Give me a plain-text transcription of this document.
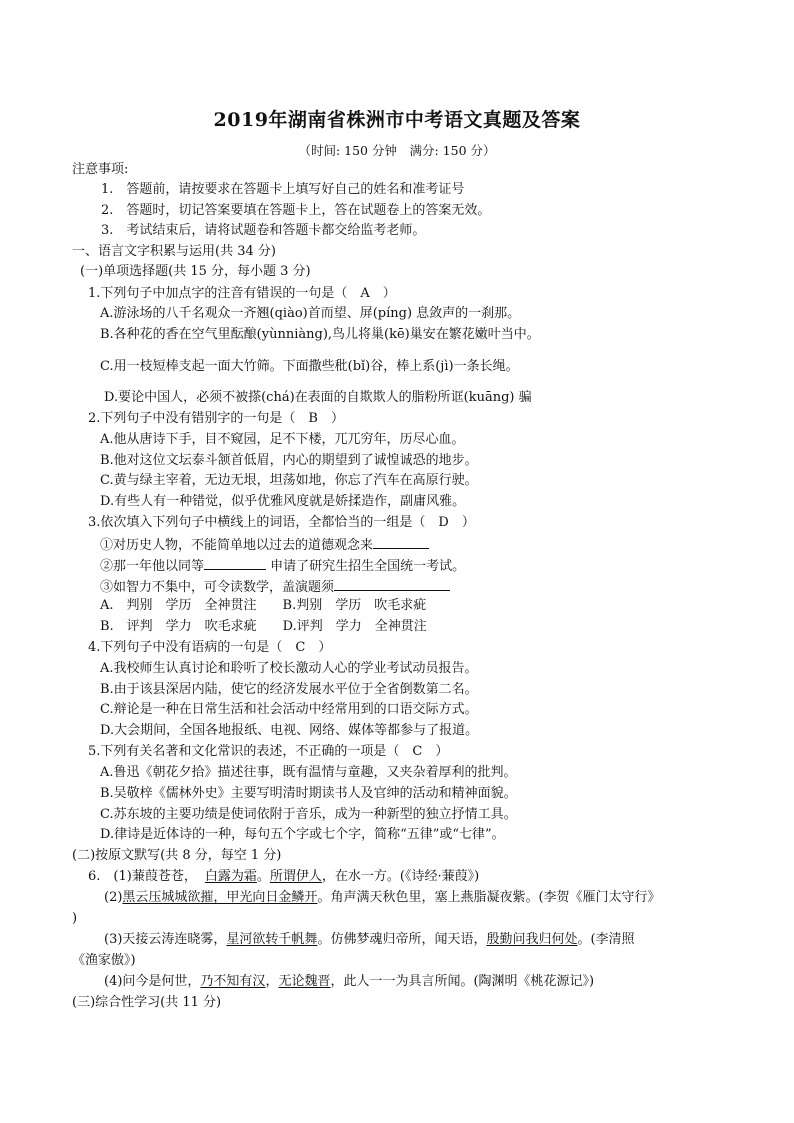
2019年湖南省株洲市中考语文真题及答案
（时间: 150 分钟　满分: 150 分）
注意事项:
1.　答题前，请按要求在答题卡上填写好自己的姓名和准考证号
2.　答题时，切记答案要填在答题卡上，答在试题卷上的答案无效。
3.　考试结束后，请将试题卷和答题卡都交给监考老师。
一、语言文字积累与运用(共 34 分)
(一)单项选择题(共 15 分，每小题 3 分)
1.下列句子中加点字的注音有错误的一句是（　A　）
A.游泳场的八千名观众一齐翘(qiào)首而望、屏(píng) 息敛声的一刹那。
B.各种花的香在空气里酝酿(yùnniàng),鸟儿将巢(kē)巢安在繁花嫩叶当中。
C.用一枝短棒支起一面大竹筛。下面撒些秕(bǐ)谷，棒上系(jì)一条长绳。
D.要论中国人，必须不被搽(chá)在表面的自欺欺人的脂粉所诓(kuāng) 骗
2.下列句子中没有错别字的一句是（　B　）
A.他从唐诗下手，目不窥园，足不下楼，兀兀穷年，历尽心血。
B.他对这位文坛泰斗颔首低眉，内心的期望到了诚惶诚恐的地步。
C.黄与绿主宰着，无边无垠，坦荡如地，你忘了汽车在高原行驶。
D.有些人有一种错觉，似乎优雅风度就是娇揉造作，副庸风雅。
3.依次填入下列句子中横线上的词语，全都恰当的一组是（　D　）
①对历史人物，不能简单地以过去的道德观念来
②那一年他以同等	申请了研究生招生全国统一考试。
③如智力不集中，可令读数学，盖演题须
A.　判别　学历　全神贯注　　B.判别　学历　吹毛求疵
B.　评判　学力　吹毛求疵　　D.评判　学力　全神贯注
4.下列句子中没有语病的一句是（　C　）
A.我校师生认真讨论和聆听了校长激动人心的学业考试动员报告。
B.由于该县深居内陆，使它的经济发展水平位于全省倒数第二名。
C.辩论是一种在日常生活和社会活动中经常用到的口语交际方式。
D.大会期间，全国各地报纸、电视、网络、媒体等都参与了报道。
5.下列有关名著和文化常识的表述，不正确的一项是（　C　）
A.鲁迅《朝花夕拾》描述往事，既有温情与童趣，又夹杂着厚利的批判。
B.吴敬梓《儒林外史》主要写明清时期读书人及官绅的活动和精神面貌。
C.苏东坡的主要功绩是使词依附于音乐，成为一种新型的独立抒情工具。
D.律诗是近体诗的一种，每句五个字或七个字，简称“五律”或“七律”。
(二)按原文默写(共 8 分，每空 1 分)
6.　(1)蒹葭苍苍， 白露为霜。所谓伊人，在水一方。(《诗经·蒹葭》)
(2)黑云压城城欲摧，甲光向日金鳞开。角声满天秋色里，塞上燕脂凝夜紫。(李贺《雁门太守行》
)
(3)天接云涛连晓雾，星河欲转千帆舞。仿佛梦魂归帝所，闻天语，殷勤问我归何处。(李清照
《渔家傲》)
(4)问今是何世，乃不知有汉，无论魏晋，此人一一为具言所闻。(陶渊明《桃花源记》)
(三)综合性学习(共 11 分)
